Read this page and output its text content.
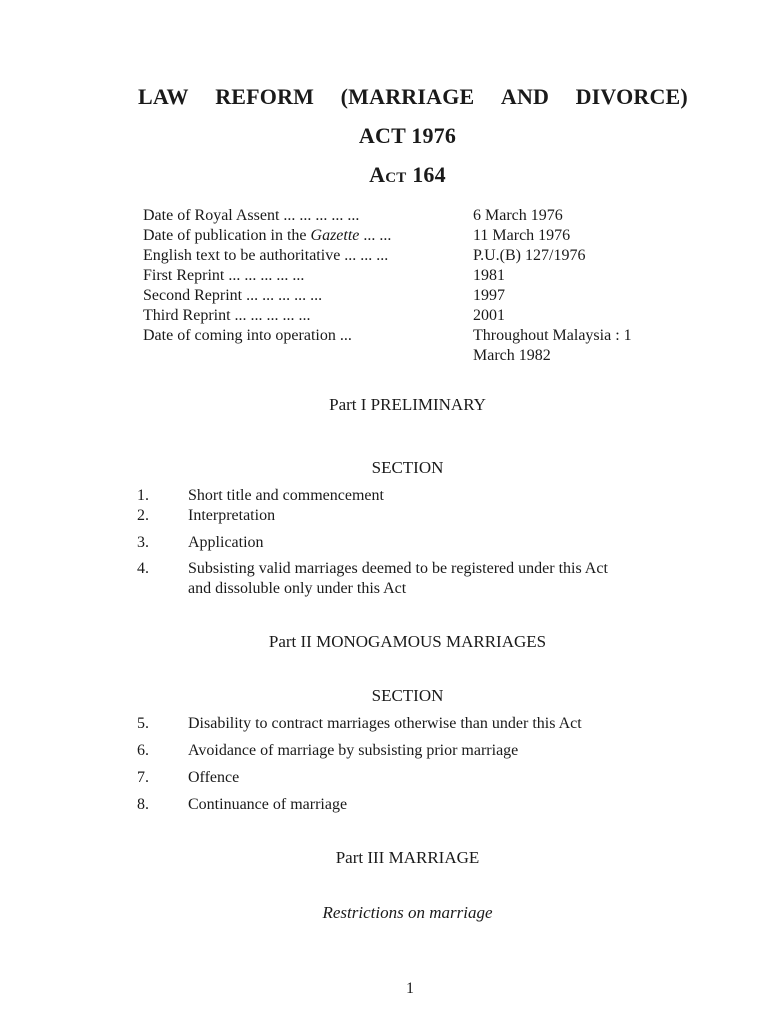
LAW REFORM (MARRIAGE AND DIVORCE)
ACT 1976
Act 164
Date of Royal Assent ... ... ... ... ...	6 March 1976
Date of publication in the Gazette ... ...	11 March 1976
English text to be authoritative ... ... ...	P.U.(B) 127/1976
First Reprint ... ... ... ... ...	1981
Second Reprint ... ... ... ... ...	1997
Third Reprint ... ... ... ... ...	2001
Date of coming into operation ...	Throughout Malaysia : 1
March 1982
Part I PRELIMINARY
SECTION
1.	Short title and commencement
2.	Interpretation
3.	Application
4.	Subsisting valid marriages deemed to be registered under this Act
and dissoluble only under this Act
Part II MONOGAMOUS MARRIAGES
SECTION
5.	Disability to contract marriages otherwise than under this Act
6.	Avoidance of marriage by subsisting prior marriage
7.	Offence
8.	Continuance of marriage
Part III MARRIAGE
Restrictions on marriage
1
